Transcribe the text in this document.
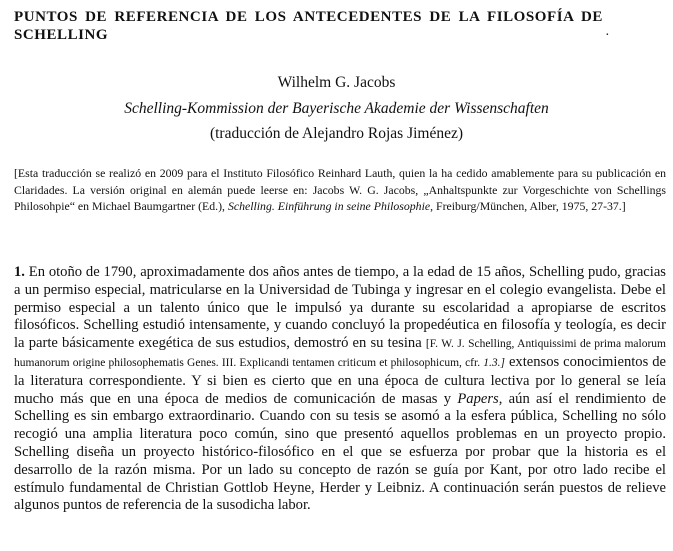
PUNTOS DE REFERENCIA DE LOS ANTECEDENTES DE LA FILOSOFÍA DE SCHELLING	·
Wilhelm G. Jacobs
Schelling-Kommission der Bayerische Akademie der Wissenschaften
(traducción de Alejandro Rojas Jiménez)
[Esta traducción se realizó en 2009 para el Instituto Filosófico Reinhard Lauth, quien la ha cedido amablemente para su publicación en Claridades. La versión original en alemán puede leerse en: Jacobs W. G. Jacobs, „Anhaltspunkte zur Vorgeschichte von Schellings Philosohpie“ en Michael Baumgartner (Ed.), Schelling. Einführung in seine Philosophie, Freiburg/München, Alber, 1975, 27-37.]
1. En otoño de 1790, aproximadamente dos años antes de tiempo, a la edad de 15 años, Schelling pudo, gracias a un permiso especial, matricularse en la Universidad de Tubinga y ingresar en el colegio evangelista. Debe el permiso especial a un talento único que le impulsó ya durante su escolaridad a apropiarse de escritos filosóficos. Schelling estudió intensamente, y cuando concluyó la propedéutica en filosofía y teología, es decir la parte básicamente exegética de sus estudios, demostró en su tesina [F. W. J. Schelling, Antiquissimi de prima malorum humanorum origine philosophematis Genes. III. Explicandi tentamen criticum et philosophicum, cfr. 1.3.] extensos conocimientos de la literatura correspondiente. Y si bien es cierto que en una época de cultura lectiva por lo general se leía mucho más que en una época de medios de comunicación de masas y Papers, aún así el rendimiento de Schelling es sin embargo extraordinario. Cuando con su tesis se asomó a la esfera pública, Schelling no sólo recogió una amplia literatura poco común, sino que presentó aquellos problemas en un proyecto propio. Schelling diseña un proyecto histórico-filosófico en el que se esfuerza por probar que la historia es el desarrollo de la razón misma. Por un lado su concepto de razón se guía por Kant, por otro lado recibe el estímulo fundamental de Christian Gottlob Heyne, Herder y Leibniz. A continuación serán puestos de relieve algunos puntos de referencia de la susodicha labor.
